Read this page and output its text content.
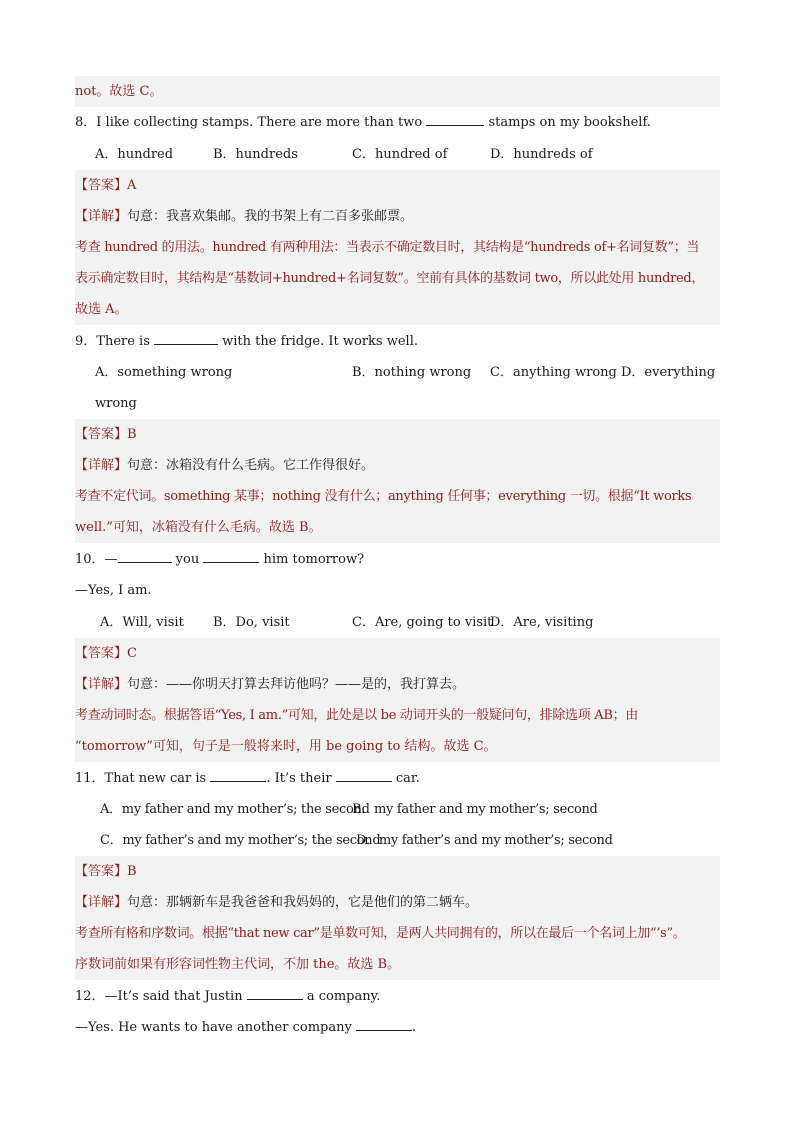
not。故选 C。
8．I like collecting stamps. There are more than two	stamps on my bookshelf.
A．hundred	B．hundreds	C．hundred of	D．hundreds of
【答案】A
【详解】句意：我喜欢集邮。我的书架上有二百多张邮票。
考查 hundred 的用法。hundred 有两种用法：当表示不确定数目时，其结构是“hundreds of+名词复数”；当
表示确定数目时，其结构是“基数词+hundred+名词复数”。空前有具体的基数词 two，所以此处用 hundred，
故选 A。
9．There is	with the fridge. It works well.
A．something wrong	B．nothing wrong C．anything wrong D．everything
wrong
【答案】B
【详解】句意：冰箱没有什么毛病。它工作得很好。
考查不定代词。something 某事；nothing 没有什么；anything 任何事；everything 一切。根据“It works
well.”可知，冰箱没有什么毛病。故选 B。
10．—	you	him tomorrow?
—Yes, I am.
A．Will, visit B．Do, visit	C．Are, going to visit
D．Are, visiting
【答案】C
【详解】句意：——你明天打算去拜访他吗？——是的，我打算去。
考查动词时态。根据答语“Yes, I am.”可知，此处是以 be 动词开头的一般疑问句，排除选项 AB；由
“tomorrow”可知，句子是一般将来时，用 be going to 结构。故选 C。
11．That new car is	. It’s their	car.
A．my father and my mother’s; the second
B．my father and my mother’s; second
C．my father’s and my mother’s; the second
D．my father’s and my mother’s; second
【答案】B
【详解】句意：那辆新车是我爸爸和我妈妈的，它是他们的第二辆车。
考查所有格和序数词。根据“that new car”是单数可知，是两人共同拥有的，所以在最后一个名词上加“’s”。
序数词前如果有形容词性物主代词，不加 the。故选 B。
12．—It’s said that Justin	a company.
—Yes. He wants to have another company	.
